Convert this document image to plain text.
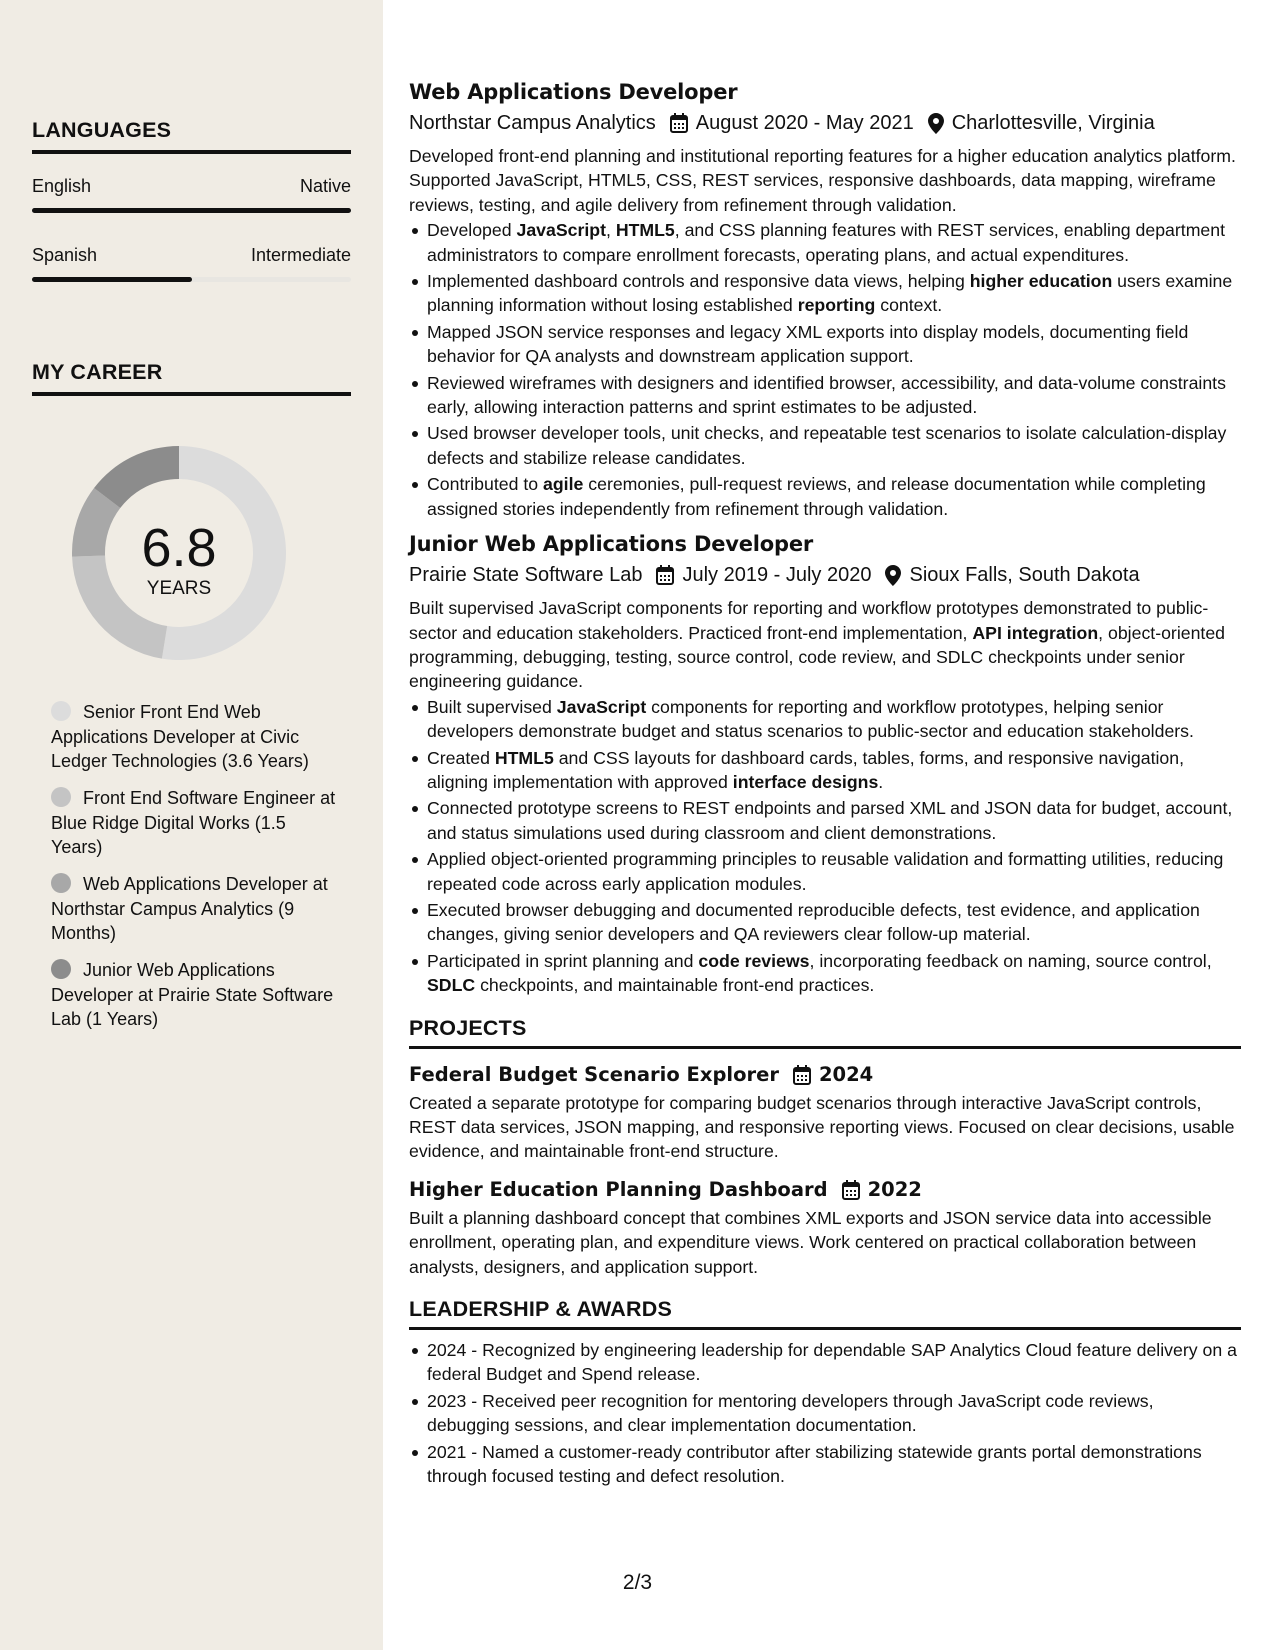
LANGUAGES
English	Native
Spanish	Intermediate
MY CAREER
6.8
YEARS
Senior Front End Web Applications Developer at Civic Ledger Technologies (3.6 Years)
Front End Software Engineer at Blue Ridge Digital Works (1.5 Years)
Web Applications Developer at Northstar Campus Analytics (9 Months)
Junior Web Applications Developer at Prairie State Software Lab (1 Years)
Web Applications Developer
Northstar Campus Analytics August 2020 - May 2021 Charlottesville, Virginia
Developed front-end planning and institutional reporting features for a higher education analytics platform. Supported JavaScript, HTML5, CSS, REST services, responsive dashboards, data mapping, wireframe reviews, testing, and agile delivery from refinement through validation.
Developed JavaScript, HTML5, and CSS planning features with REST services, enabling department administrators to compare enrollment forecasts, operating plans, and actual expenditures.
Implemented dashboard controls and responsive data views, helping higher education users examine planning information without losing established reporting context.
Mapped JSON service responses and legacy XML exports into display models, documenting field behavior for QA analysts and downstream application support.
Reviewed wireframes with designers and identified browser, accessibility, and data-volume constraints early, allowing interaction patterns and sprint estimates to be adjusted.
Used browser developer tools, unit checks, and repeatable test scenarios to isolate calculation-display defects and stabilize release candidates.
Contributed to agile ceremonies, pull-request reviews, and release documentation while completing assigned stories independently from refinement through validation.
Junior Web Applications Developer
Prairie State Software Lab July 2019 - July 2020 Sioux Falls, South Dakota
Built supervised JavaScript components for reporting and workflow prototypes demonstrated to public-sector and education stakeholders. Practiced front-end implementation, API integration, object-oriented programming, debugging, testing, source control, code review, and SDLC checkpoints under senior engineering guidance.
Built supervised JavaScript components for reporting and workflow prototypes, helping senior developers demonstrate budget and status scenarios to public-sector and education stakeholders.
Created HTML5 and CSS layouts for dashboard cards, tables, forms, and responsive navigation, aligning implementation with approved interface designs.
Connected prototype screens to REST endpoints and parsed XML and JSON data for budget, account, and status simulations used during classroom and client demonstrations.
Applied object-oriented programming principles to reusable validation and formatting utilities, reducing repeated code across early application modules.
Executed browser debugging and documented reproducible defects, test evidence, and application changes, giving senior developers and QA reviewers clear follow-up material.
Participated in sprint planning and code reviews, incorporating feedback on naming, source control, SDLC checkpoints, and maintainable front-end practices.
PROJECTS
Federal Budget Scenario Explorer 2024
Created a separate prototype for comparing budget scenarios through interactive JavaScript controls, REST data services, JSON mapping, and responsive reporting views. Focused on clear decisions, usable evidence, and maintainable front-end structure.
Higher Education Planning Dashboard 2022
Built a planning dashboard concept that combines XML exports and JSON service data into accessible enrollment, operating plan, and expenditure views. Work centered on practical collaboration between analysts, designers, and application support.
LEADERSHIP & AWARDS
2024 - Recognized by engineering leadership for dependable SAP Analytics Cloud feature delivery on a federal Budget and Spend release.
2023 - Received peer recognition for mentoring developers through JavaScript code reviews, debugging sessions, and clear implementation documentation.
2021 - Named a customer-ready contributor after stabilizing statewide grants portal demonstrations through focused testing and defect resolution.
2/3
